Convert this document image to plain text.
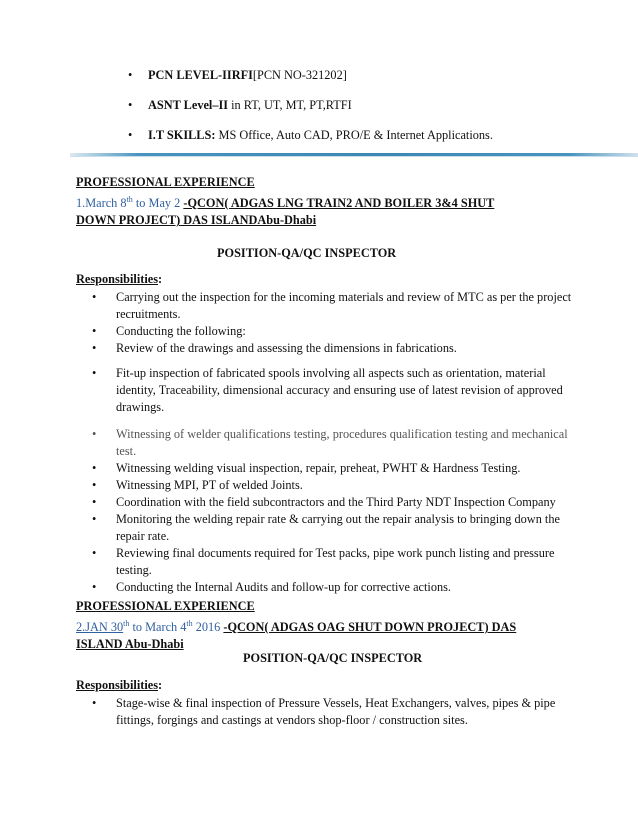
• PCN LEVEL-IIRFI[PCN NO-321202]
• ASNT Level–II in RT, UT, MT, PT,RTFI
• I.T SKILLS: MS Office, Auto CAD, PRO/E & Internet Applications.
PROFESSIONAL EXPERIENCE
1.March 8th to May 2 -QCON( ADGAS LNG TRAIN2 AND BOILER 3&4 SHUT
DOWN PROJECT) DAS ISLANDAbu-Dhabi
POSITION-QA/QC INSPECTOR
Responsibilities:
• Carrying out the inspection for the incoming materials and review of MTC as per the project recruitments.
• Conducting the following:
• Review of the drawings and assessing the dimensions in fabrications.
• Fit-up inspection of fabricated spools involving all aspects such as orientation, material identity, Traceability, dimensional accuracy and ensuring use of latest revision of approved drawings.
• Witnessing of welder qualifications testing, procedures qualification testing and mechanical test.
• Witnessing welding visual inspection, repair, preheat, PWHT & Hardness Testing.
• Witnessing MPI, PT of welded Joints.
• Coordination with the field subcontractors and the Third Party NDT Inspection Company
• Monitoring the welding repair rate & carrying out the repair analysis to bringing down the repair rate.
• Reviewing final documents required for Test packs, pipe work punch listing and pressure testing.
• Conducting the Internal Audits and follow-up for corrective actions.
PROFESSIONAL EXPERIENCE
2.JAN 30th to March 4th 2016 -QCON( ADGAS OAG SHUT DOWN PROJECT) DAS
ISLAND Abu-Dhabi
POSITION-QA/QC INSPECTOR
Responsibilities:
• Stage-wise & final inspection of Pressure Vessels, Heat Exchangers, valves, pipes & pipe fittings, forgings and castings at vendors shop-floor / construction sites.
